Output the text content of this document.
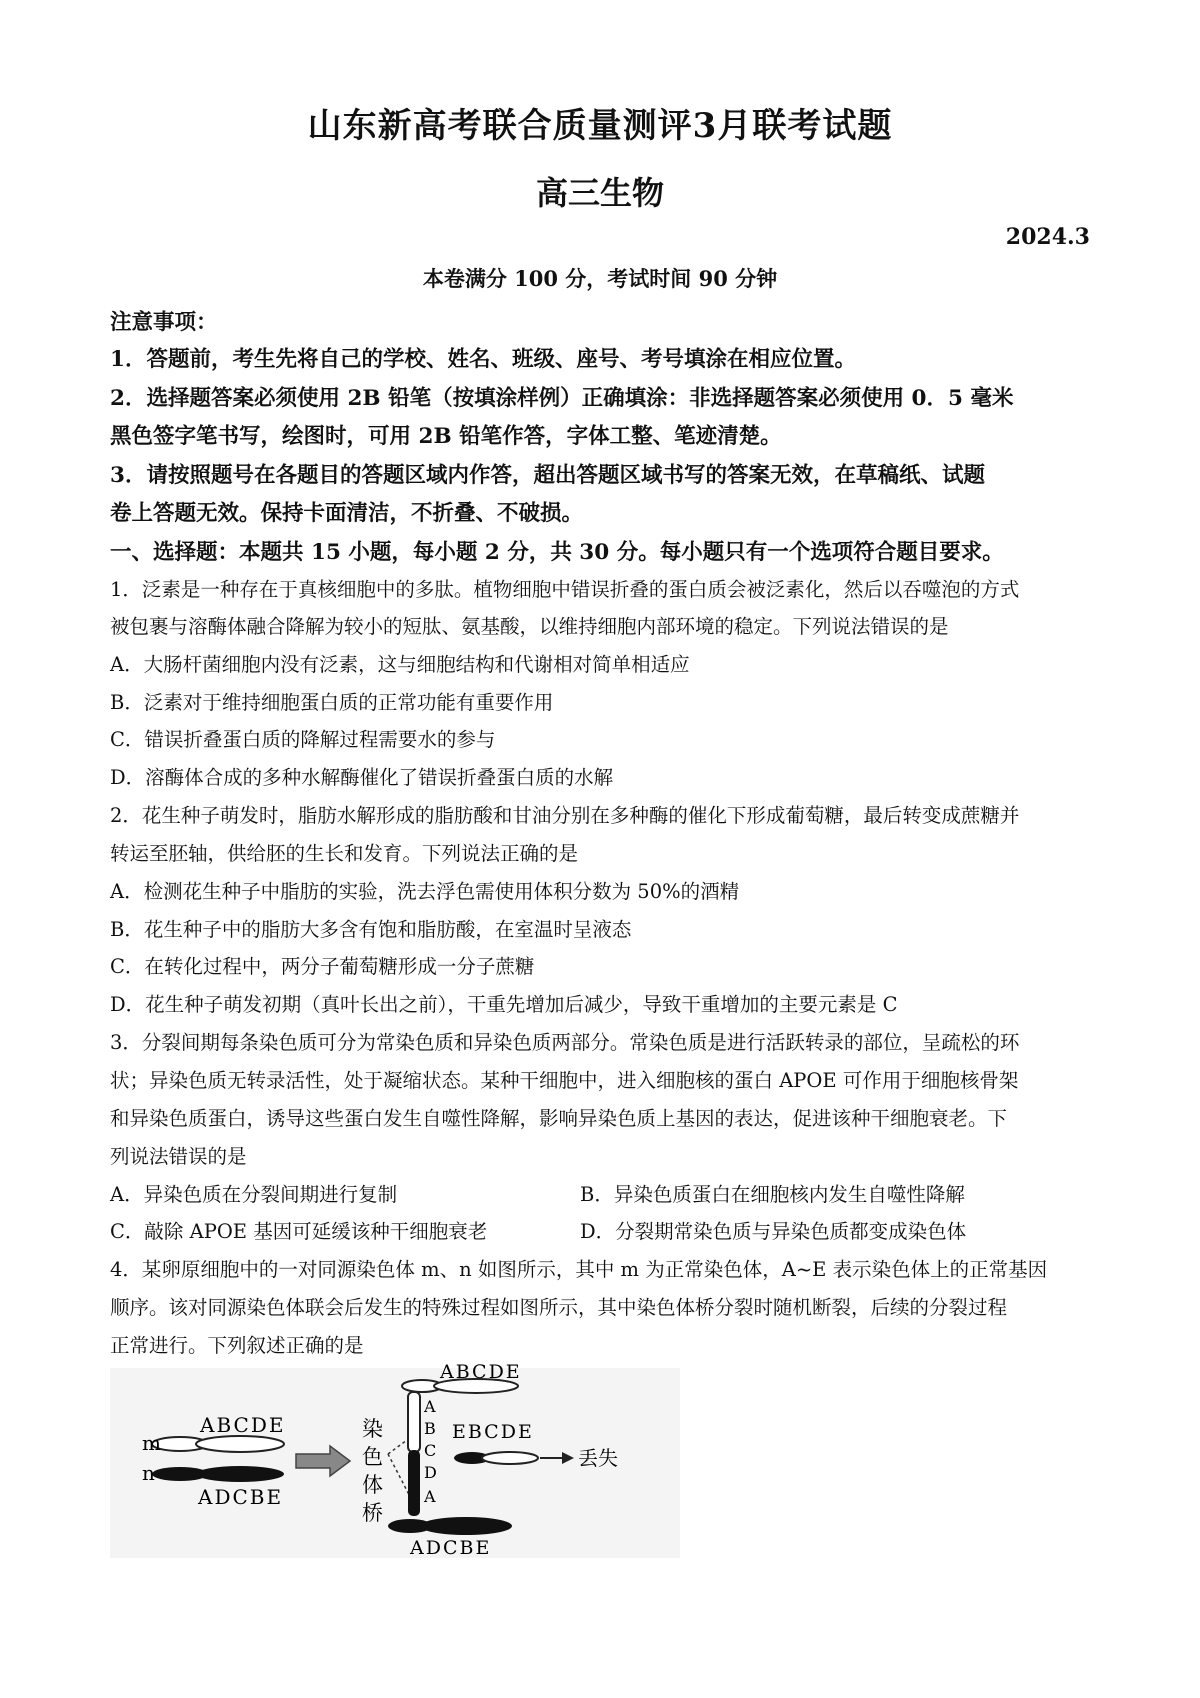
山东新高考联合质量测评3月联考试题
高三生物
2024.3
本卷满分 100 分，考试时间 90 分钟
注意事项：
1．答题前，考生先将自己的学校、姓名、班级、座号、考号填涂在相应位置。
2．选择题答案必须使用 2B 铅笔（按填涂样例）正确填涂：非选择题答案必须使用 0．5 毫米
黑色签字笔书写，绘图时，可用 2B 铅笔作答，字体工整、笔迹清楚。
3．请按照题号在各题目的答题区域内作答，超出答题区域书写的答案无效，在草稿纸、试题
卷上答题无效。保持卡面清洁，不折叠、不破损。
一、选择题：本题共 15 小题，每小题 2 分，共 30 分。每小题只有一个选项符合题目要求。
1．泛素是一种存在于真核细胞中的多肽。植物细胞中错误折叠的蛋白质会被泛素化，然后以吞噬泡的方式
被包裹与溶酶体融合降解为较小的短肽、氨基酸，以维持细胞内部环境的稳定。下列说法错误的是
A．大肠杆菌细胞内没有泛素，这与细胞结构和代谢相对简单相适应
B．泛素对于维持细胞蛋白质的正常功能有重要作用
C．错误折叠蛋白质的降解过程需要水的参与
D．溶酶体合成的多种水解酶催化了错误折叠蛋白质的水解
2．花生种子萌发时，脂肪水解形成的脂肪酸和甘油分别在多种酶的催化下形成葡萄糖，最后转变成蔗糖并
转运至胚轴，供给胚的生长和发育。下列说法正确的是
A．检测花生种子中脂肪的实验，洗去浮色需使用体积分数为 50%的酒精
B．花生种子中的脂肪大多含有饱和脂肪酸，在室温时呈液态
C．在转化过程中，两分子葡萄糖形成一分子蔗糖
D．花生种子萌发初期（真叶长出之前），干重先增加后减少，导致干重增加的主要元素是 C
3．分裂间期每条染色质可分为常染色质和异染色质两部分。常染色质是进行活跃转录的部位，呈疏松的环
状；异染色质无转录活性，处于凝缩状态。某种干细胞中，进入细胞核的蛋白 APOE 可作用于细胞核骨架
和异染色质蛋白，诱导这些蛋白发生自噬性降解，影响异染色质上基因的表达，促进该种干细胞衰老。下
列说法错误的是
A．异染色质在分裂间期进行复制	B．异染色质蛋白在细胞核内发生自噬性降解
C．敲除 APOE 基因可延缓该种干细胞衰老	D．分裂期常染色质与异染色质都变成染色体
4．某卵原细胞中的一对同源染色体 m、n 如图所示，其中 m 为正常染色体，A~E 表示染色体上的正常基因
顺序。该对同源染色体联会后发生的特殊过程如图所示，其中染色体桥分裂时随机断裂，后续的分裂过程
正常进行。下列叙述正确的是
m
ABCDE
n
ADCBE
染
色
体
桥
ABCDE
A
B
C
D
A
ADCBE
EBCDE
丢失
